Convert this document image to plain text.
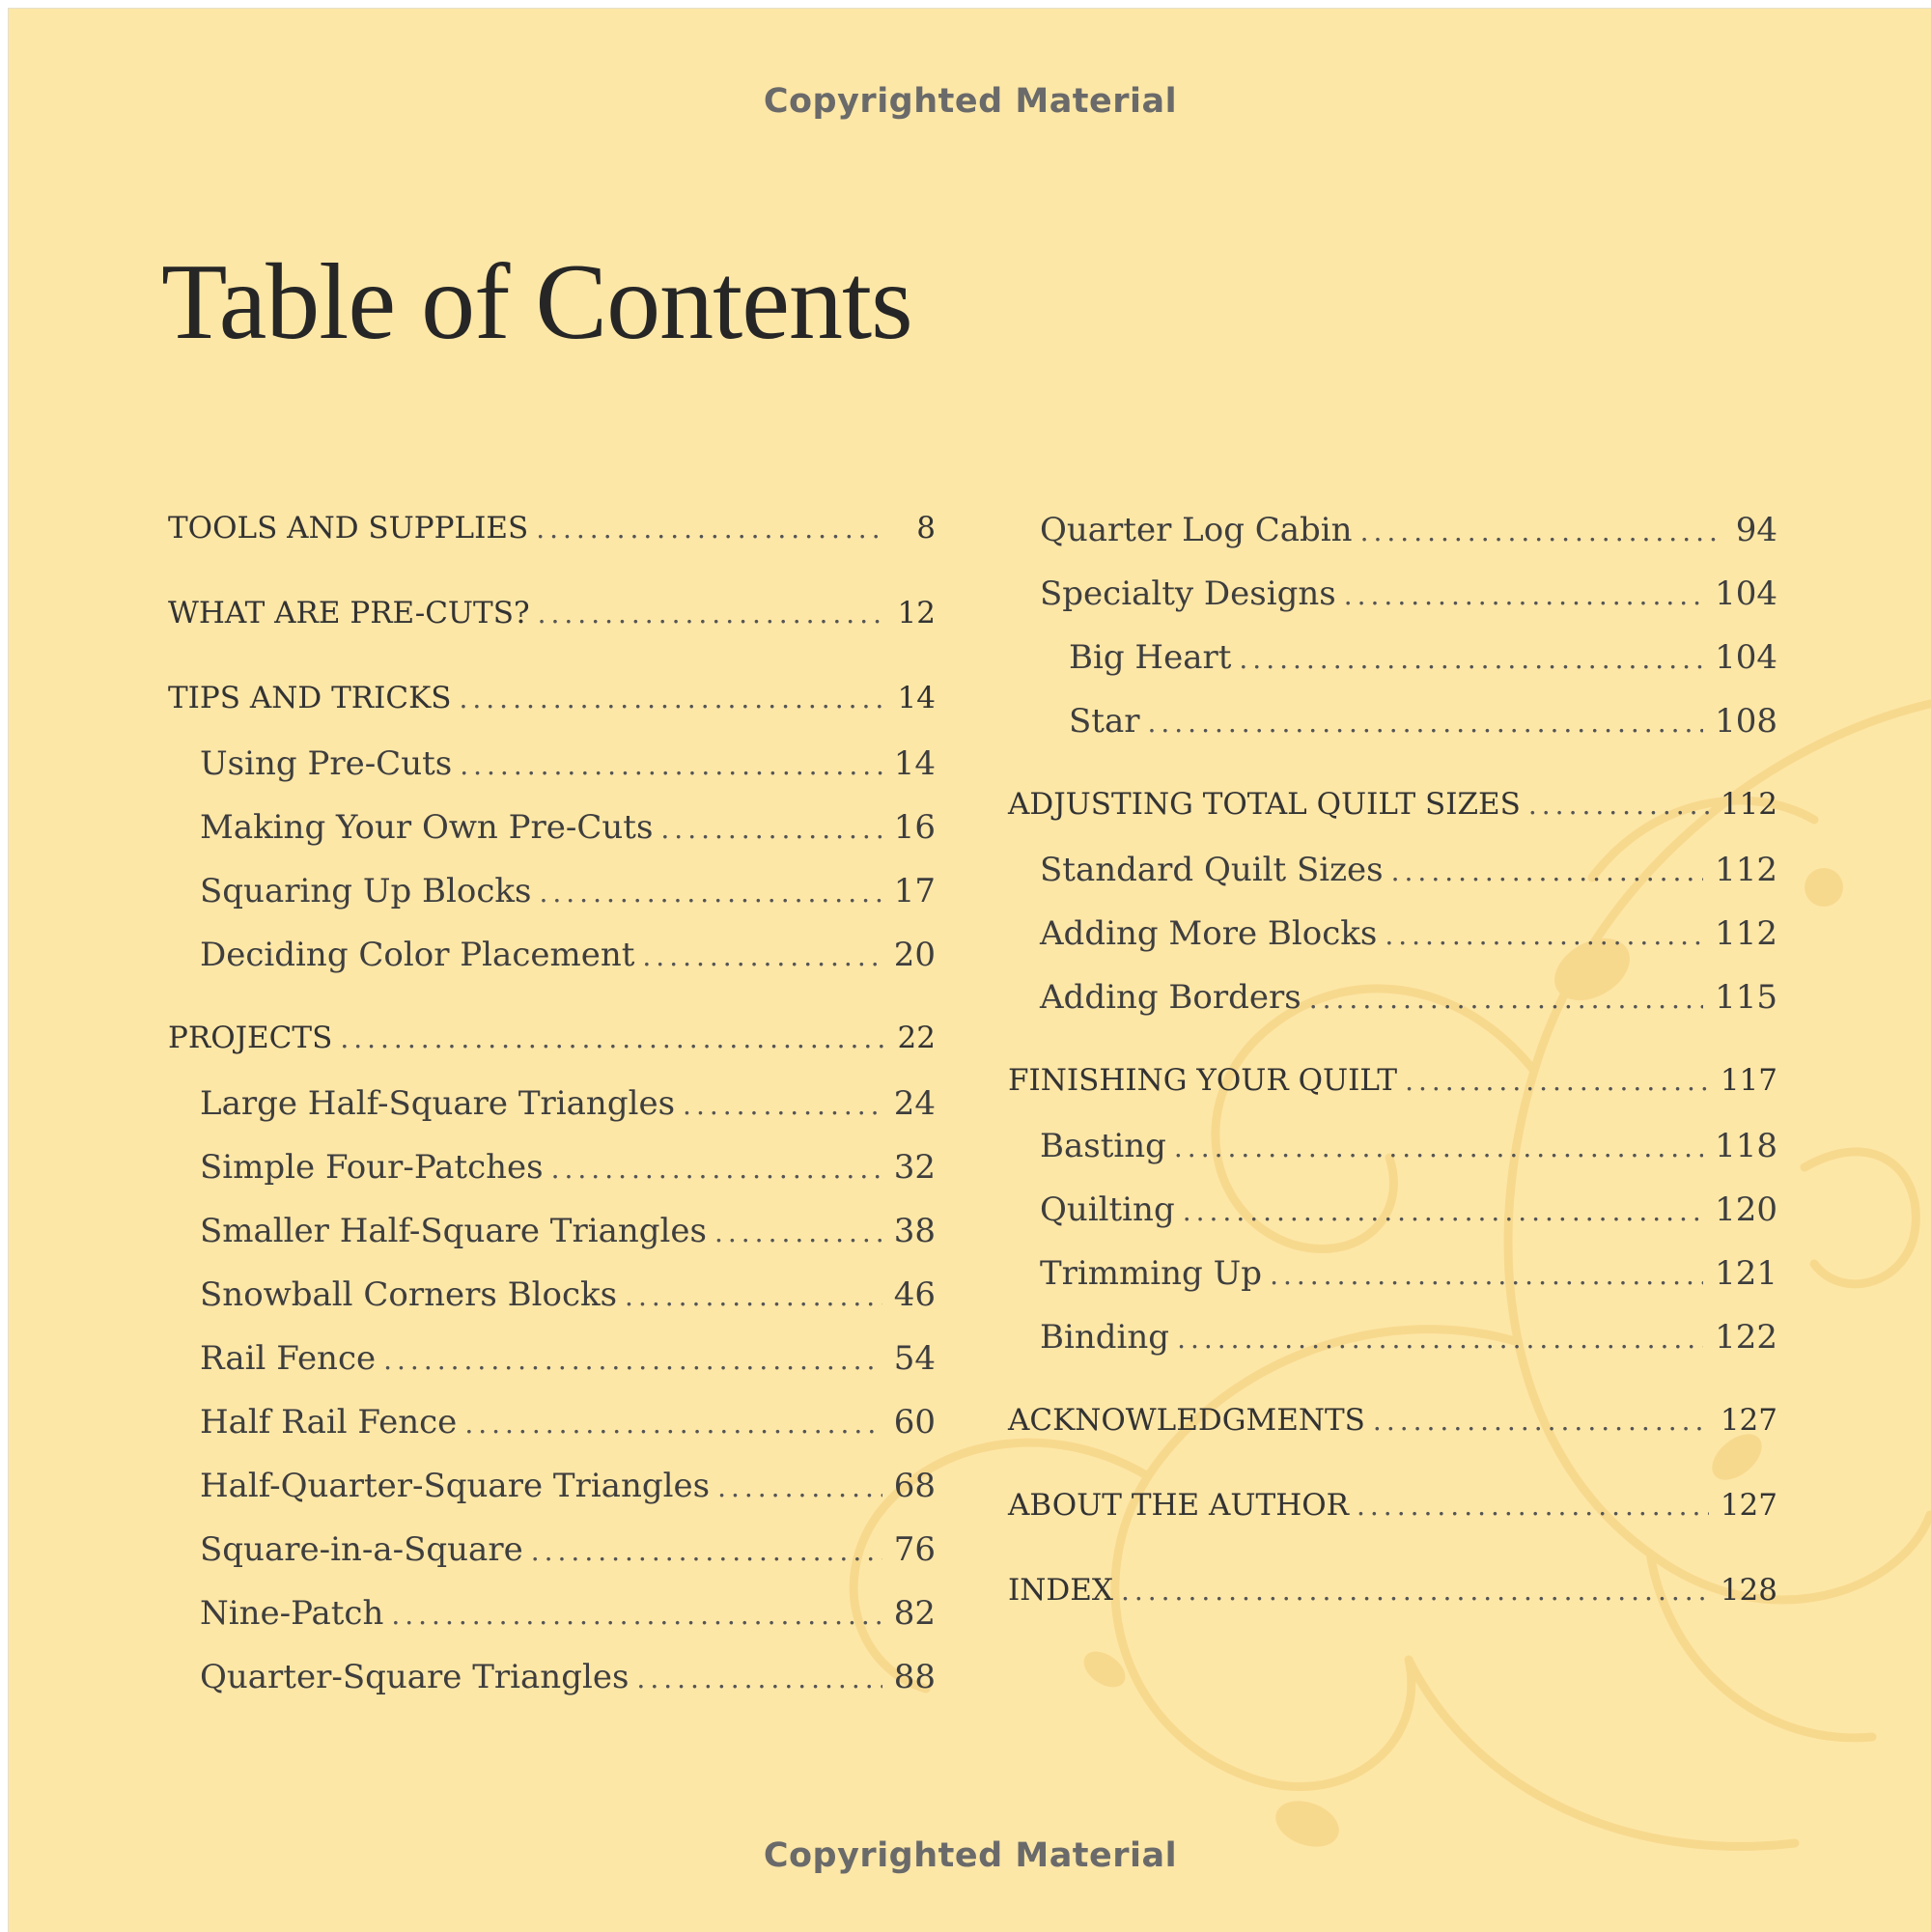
Copyrighted Material
Table of Contents
TOOLS AND SUPPLIES .....	8
WHAT ARE PRE-CUTS? .....	12
TIPS AND TRICKS .....	14
Using Pre-Cuts .....	14
Making Your Own Pre-Cuts .....	16
Squaring Up Blocks .....	17
Deciding Color Placement .....	20
PROJECTS .....	22
Large Half-Square Triangles .....	24
Simple Four-Patches .....	32
Smaller Half-Square Triangles .....	38
Snowball Corners Blocks .....	46
Rail Fence .....	54
Half Rail Fence .....	60
Half-Quarter-Square Triangles .....	68
Square-in-a-Square .....	76
Nine-Patch .....	82
Quarter-Square Triangles .....	88
Quarter Log Cabin .....	94
Specialty Designs .....	104
Big Heart .....	104
Star .....	108
ADJUSTING TOTAL QUILT SIZES .....	112
Standard Quilt Sizes .....	112
Adding More Blocks .....	112
Adding Borders .....	115
FINISHING YOUR QUILT .....	117
Basting .....	118
Quilting .....	120
Trimming Up .....	121
Binding .....	122
ACKNOWLEDGMENTS .....	127
ABOUT THE AUTHOR .....	127
INDEX .....	128
Copyrighted Material
